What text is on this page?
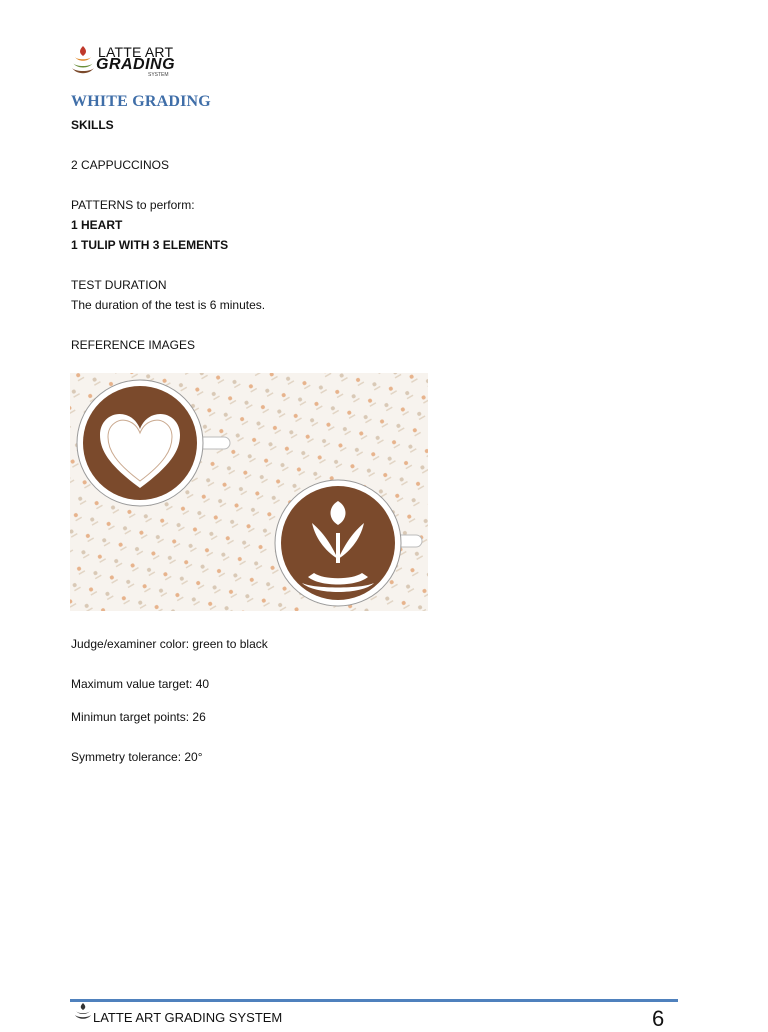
LATTE ART
GRADING
SYSTEM
WHITE GRADING
SKILLS
2 CAPPUCCINOS
PATTERNS to perform:
1 HEART
1 TULIP WITH 3 ELEMENTS
TEST DURATION
The duration of the test is 6 minutes.
REFERENCE IMAGES
Judge/examiner color: green to black
Maximum value target: 40
Minimun target points: 26
Symmetry tolerance: 20°
LATTE ART GRADING SYSTEM	6
